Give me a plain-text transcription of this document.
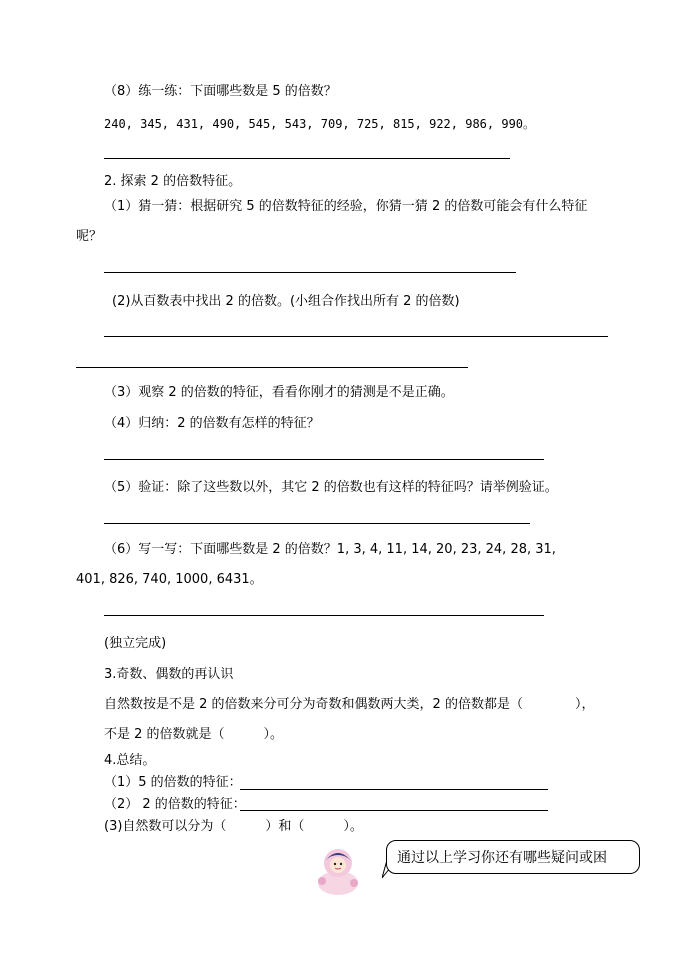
（8）练一练：下面哪些数是 5 的倍数？
240, 345, 431, 490, 545, 543, 709, 725, 815, 922, 986, 990。
2. 探索 2 的倍数特征。
（1）猜一猜：根据研究 5 的倍数特征的经验，你猜一猜 2 的倍数可能会有什么特征
呢？
(2)从百数表中找出 2 的倍数。(小组合作找出所有 2 的倍数)
（3）观察 2 的倍数的特征，看看你刚才的猜测是不是正确。
（4）归纳：2 的倍数有怎样的特征？
（5）验证：除了这些数以外，其它 2 的倍数也有这样的特征吗？请举例验证。
（6）写一写：下面哪些数是 2 的倍数？1, 3, 4, 11, 14, 20, 23, 24, 28, 31,
401, 826, 740, 1000, 6431。
(独立完成)
3.奇数、偶数的再认识
自然数按是不是 2 的倍数来分可分为奇数和偶数两大类，2 的倍数都是（　　　　），
不是 2 的倍数就是（　　　）。
4.总结。
（1）5 的倍数的特征：
（2） 2 的倍数的特征：
(3)自然数可以分为（　　　）和（　　　）。
通过以上学习你还有哪些疑问或困
